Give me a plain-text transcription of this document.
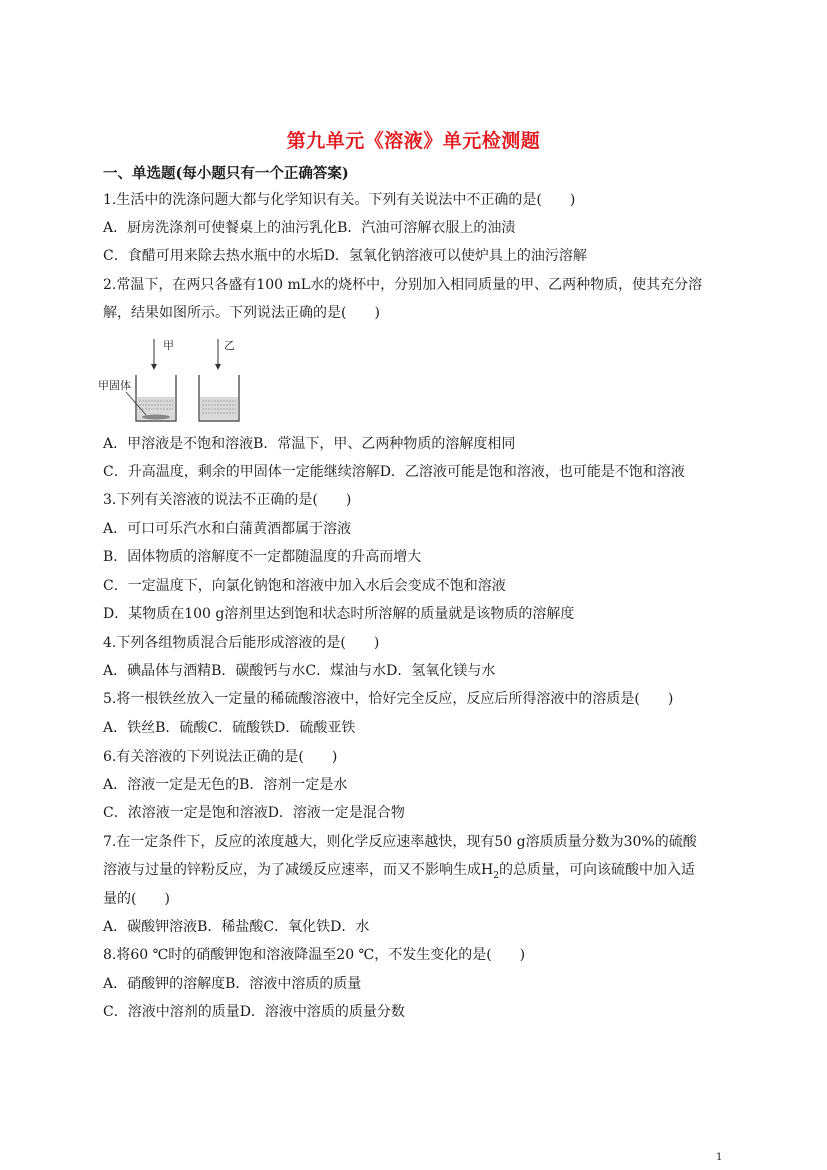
第九单元《溶液》单元检测题
一、单选题(每小题只有一个正确答案)
1.生活中的洗涤问题大都与化学知识有关。下列有关说法中不正确的是(　　)
A．厨房洗涤剂可使餐桌上的油污乳化B．汽油可溶解衣服上的油渍
C．食醋可用来除去热水瓶中的水垢D．氢氧化钠溶液可以使炉具上的油污溶解
2.常温下，在两只各盛有100 mL水的烧杯中，分别加入相同质量的甲、乙两种物质，使其充分溶
解，结果如图所示。下列说法正确的是(　　)
甲	乙
甲固体
A．甲溶液是不饱和溶液B．常温下，甲、乙两种物质的溶解度相同
C．升高温度，剩余的甲固体一定能继续溶解D．乙溶液可能是饱和溶液，也可能是不饱和溶液
3.下列有关溶液的说法不正确的是(　　)
A．可口可乐汽水和白蒲黄酒都属于溶液
B．固体物质的溶解度不一定都随温度的升高而增大
C．一定温度下，向氯化钠饱和溶液中加入水后会变成不饱和溶液
D．某物质在100 g溶剂里达到饱和状态时所溶解的质量就是该物质的溶解度
4.下列各组物质混合后能形成溶液的是(　　)
A．碘晶体与酒精B．碳酸钙与水C．煤油与水D．氢氧化镁与水
5.将一根铁丝放入一定量的稀硫酸溶液中，恰好完全反应，反应后所得溶液中的溶质是(　　)
A．铁丝B．硫酸C．硫酸铁D．硫酸亚铁
6.有关溶液的下列说法正确的是(　　)
A．溶液一定是无色的B．溶剂一定是水
C．浓溶液一定是饱和溶液D．溶液一定是混合物
7.在一定条件下，反应的浓度越大，则化学反应速率越快，现有50 g溶质质量分数为30%的硫酸
溶液与过量的锌粉反应，为了减缓反应速率，而又不影响生成$H_2$的总质量，可向该硫酸中加入适
量的(　　)
A．碳酸钾溶液B．稀盐酸C．氧化铁D．水
8.将60 ℃时的硝酸钾饱和溶液降温至20 ℃，不发生变化的是(　　)
A．硝酸钾的溶解度B．溶液中溶质的质量
C．溶液中溶剂的质量D．溶液中溶质的质量分数
1
